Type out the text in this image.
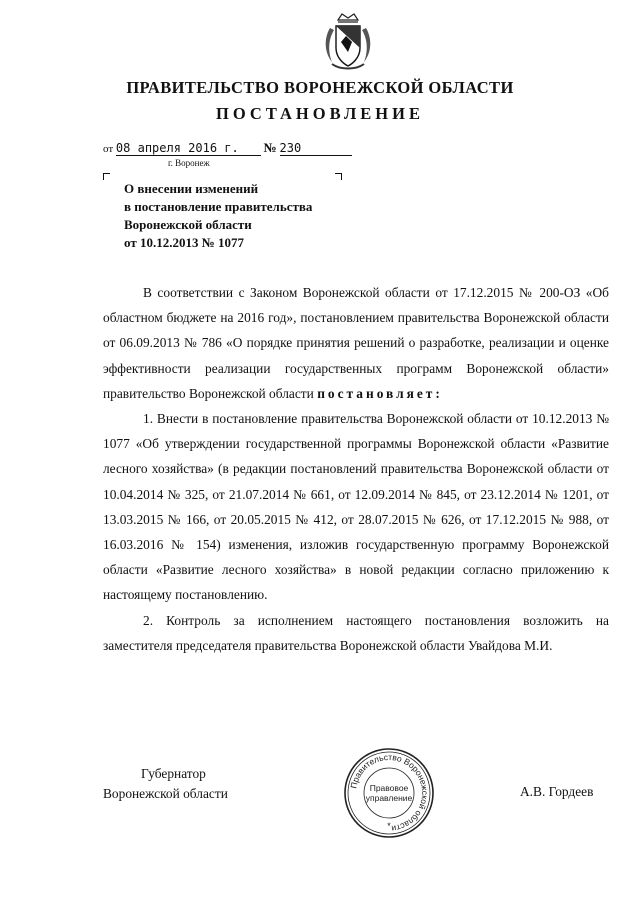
ПРАВИТЕЛЬСТВО ВОРОНЕЖСКОЙ ОБЛАСТИ
ПОСТАНОВЛЕНИЕ
от 08 апреля 2016 г. № 230
г. Воронеж
О внесении изменений
в постановление правительства
Воронежской области
от 10.12.2013 № 1077

В соответствии с Законом Воронежской области от 17.12.2015 № 200-ОЗ «Об областном бюджете на 2016 год», постановлением правительства Воронежской области от 06.09.2013 № 786 «О порядке принятия решений о разработке, реализации и оценке эффективности реализации государственных программ Воронежской области» правительство Воронежской области постановляет:

1. Внести в постановление правительства Воронежской области от 10.12.2013 № 1077 «Об утверждении государственной программы Воронежской области «Развитие лесного хозяйства» (в редакции постановлений правительства Воронежской области от 10.04.2014 № 325, от 21.07.2014 № 661, от 12.09.2014 № 845, от 23.12.2014 № 1201, от 13.03.2015 № 166, от 20.05.2015 № 412, от 28.07.2015 № 626, от 17.12.2015 № 988, от 16.03.2016 № 154) изменения, изложив государственную программу Воронежской области «Развитие лесного хозяйства» в новой редакции согласно приложению к настоящему постановлению.

2. Контроль за исполнением настоящего постановления возложить на заместителя председателя правительства Воронежской области Увайдова М.И.

Губернатор
Воронежской области
Правительство Воронежской области
Правовое
управление
*
А.В. Гордеев
